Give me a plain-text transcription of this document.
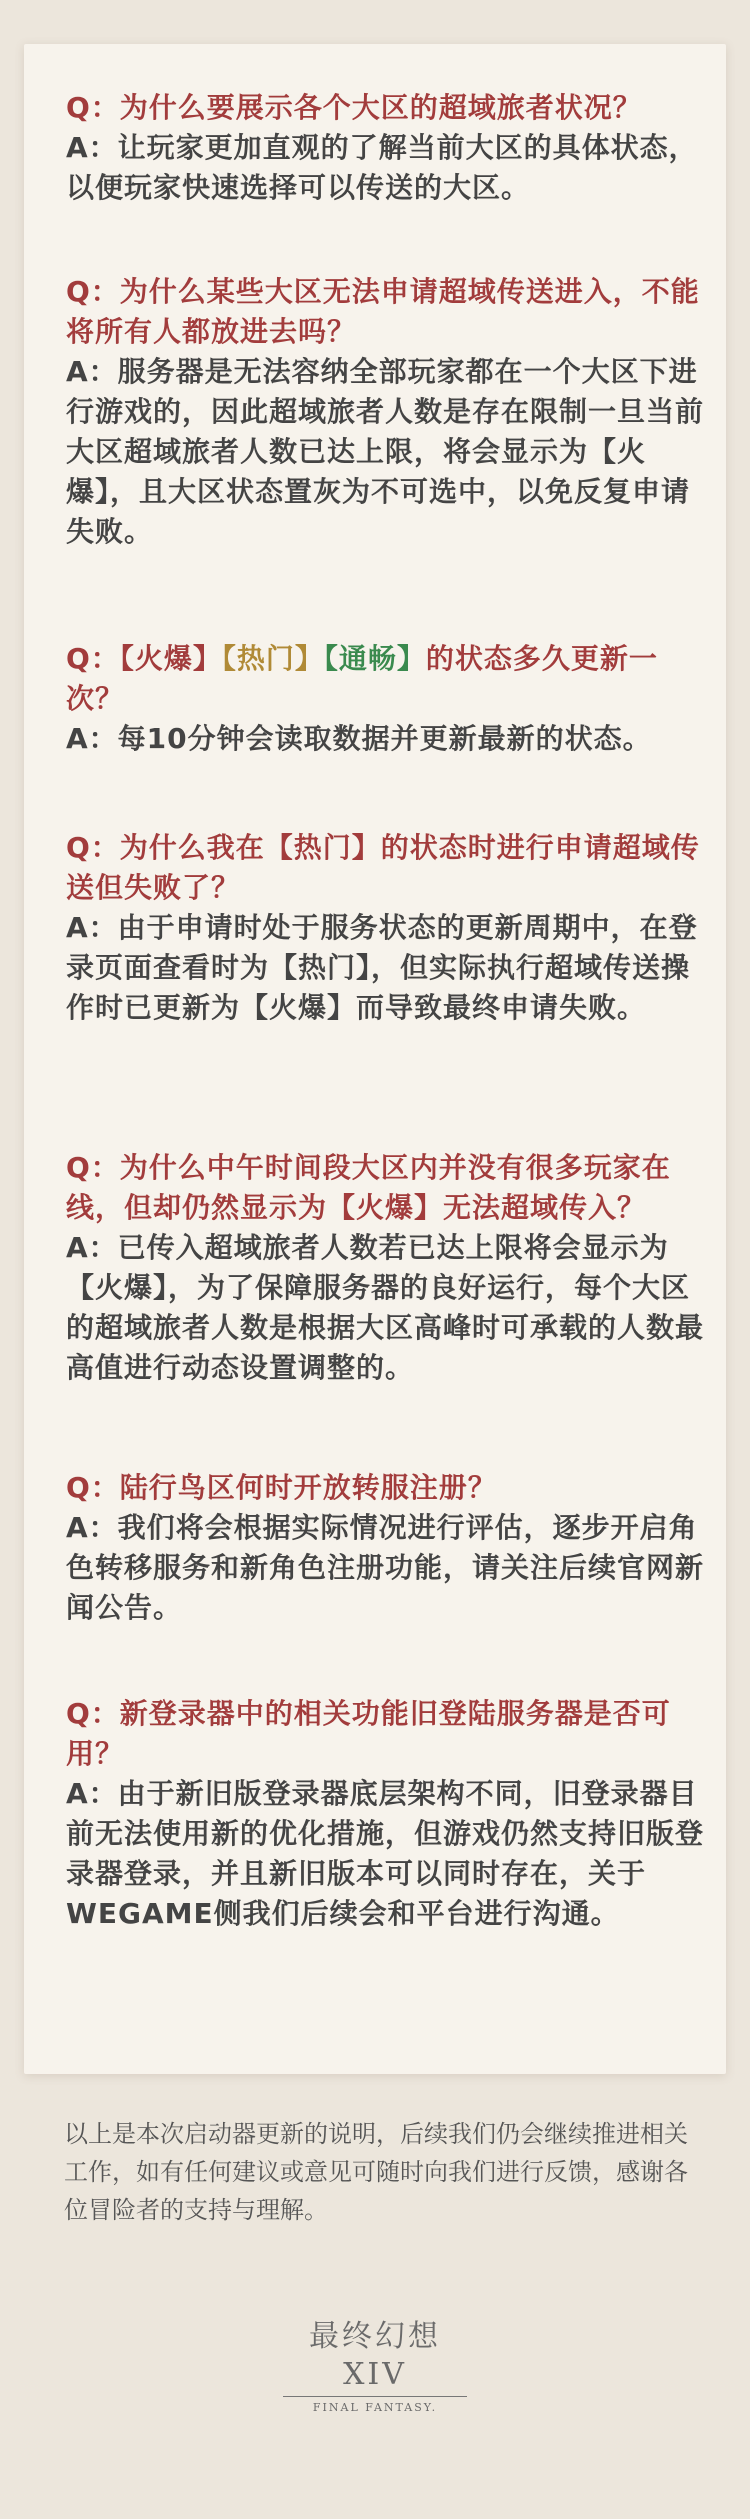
Q：为什么要展示各个大区的超域旅者状况？
A：让玩家更加直观的了解当前大区的具体状态，以便玩家快速选择可以传送的大区。
Q：为什么某些大区无法申请超域传送进入，不能将所有人都放进去吗？
A：服务器是无法容纳全部玩家都在一个大区下进行游戏的，因此超域旅者人数是存在限制一旦当前大区超域旅者人数已达上限，将会显示为【火爆】，且大区状态置灰为不可选中，以免反复申请失败。
Q：【火爆】【热门】【通畅】的状态多久更新一次？
A：每10分钟会读取数据并更新最新的状态。
Q：为什么我在【热门】的状态时进行申请超域传送但失败了？
A：由于申请时处于服务状态的更新周期中，在登录页面查看时为【热门】，但实际执行超域传送操作时已更新为【火爆】而导致最终申请失败。
Q：为什么中午时间段大区内并没有很多玩家在线，但却仍然显示为【火爆】无法超域传入？
A：已传入超域旅者人数若已达上限将会显示为【火爆】，为了保障服务器的良好运行，每个大区的超域旅者人数是根据大区高峰时可承载的人数最高值进行动态设置调整的。
Q：陆行鸟区何时开放转服注册？
A：我们将会根据实际情况进行评估，逐步开启角色转移服务和新角色注册功能，请关注后续官网新闻公告。
Q：新登录器中的相关功能旧登陆服务器是否可用？
A：由于新旧版登录器底层架构不同，旧登录器目前无法使用新的优化措施，但游戏仍然支持旧版登录器登录，并且新旧版本可以同时存在，关于WEGAME侧我们后续会和平台进行沟通。
以上是本次启动器更新的说明，后续我们仍会继续推进相关工作，如有任何建议或意见可随时向我们进行反馈，感谢各位冒险者的支持与理解。
最终幻想XIV
FINAL FANTASY.
